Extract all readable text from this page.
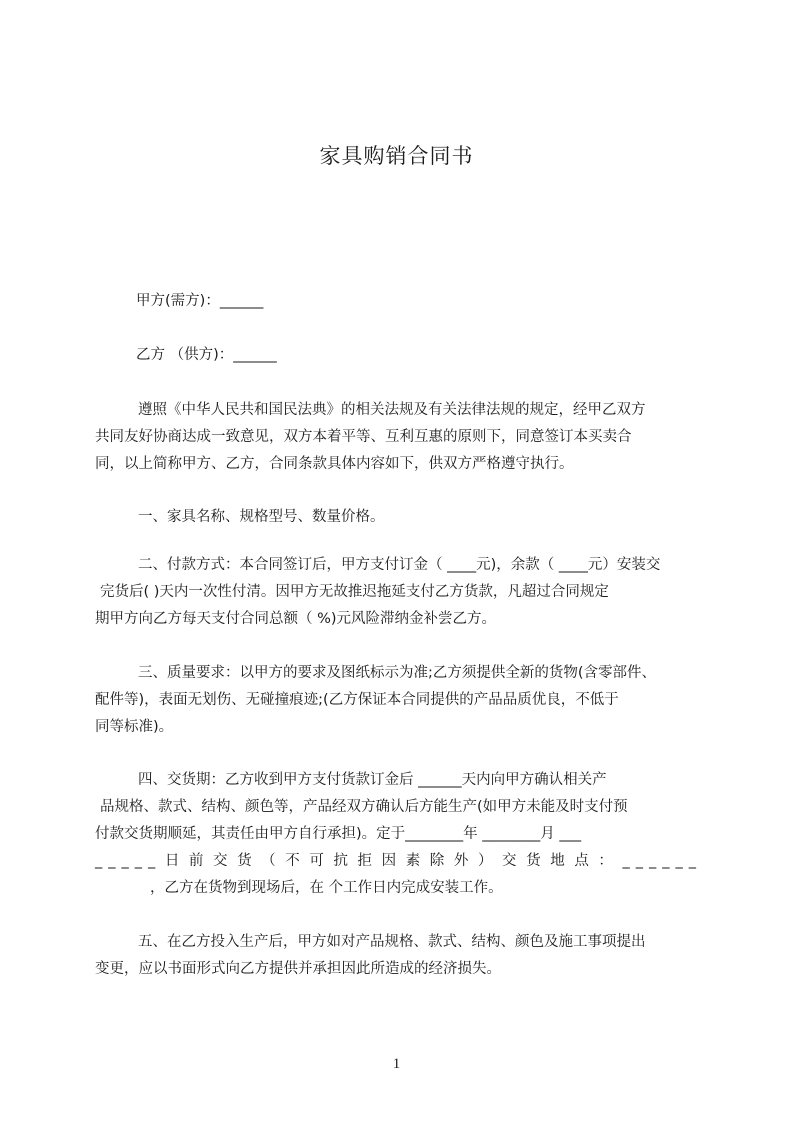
家具购销合同书
甲方(需方)：______
乙方 （供方)：______
遵照《中华人民共和国民法典》的相关法规及有关法律法规的规定，经甲乙双方
共同友好协商达成一致意见，双方本着平等、互利互惠的原则下，同意签订本买卖合
同，以上简称甲方、乙方，合同条款具体内容如下，供双方严格遵守执行。
一、家具名称、规格型号、数量价格。
二、付款方式：本合同签订后，甲方支付订金（ ____元)，余款（ ____元）安装交
完货后( )天内一次性付清。因甲方无故推迟拖延支付乙方货款，凡超过合同规定
期甲方向乙方每天支付合同总额（ %)元风险滞纳金补尝乙方。
三、质量要求：以甲方的要求及图纸标示为准;乙方须提供全新的货物(含零部件、
配件等)，表面无划伤、无碰撞痕迹;(乙方保证本合同提供的产品品质优良，不低于
同等标准)。
四、交货期：乙方收到甲方支付货款订金后 ______天内向甲方确认相关产
品规格、款式、结构、颜色等，产品经双方确认后方能生产(如甲方未能及时支付预
付款交货期顺延，其责任由甲方自行承担)。定于________年 ________月 ___
_____日前交货（不可抗拒因素除外）交货地点：______
，乙方在货物到现场后，在 个工作日内完成安装工作。
五、在乙方投入生产后，甲方如对产品规格、款式、结构、颜色及施工事项提出
变更，应以书面形式向乙方提供并承担因此所造成的经济损失。
1
